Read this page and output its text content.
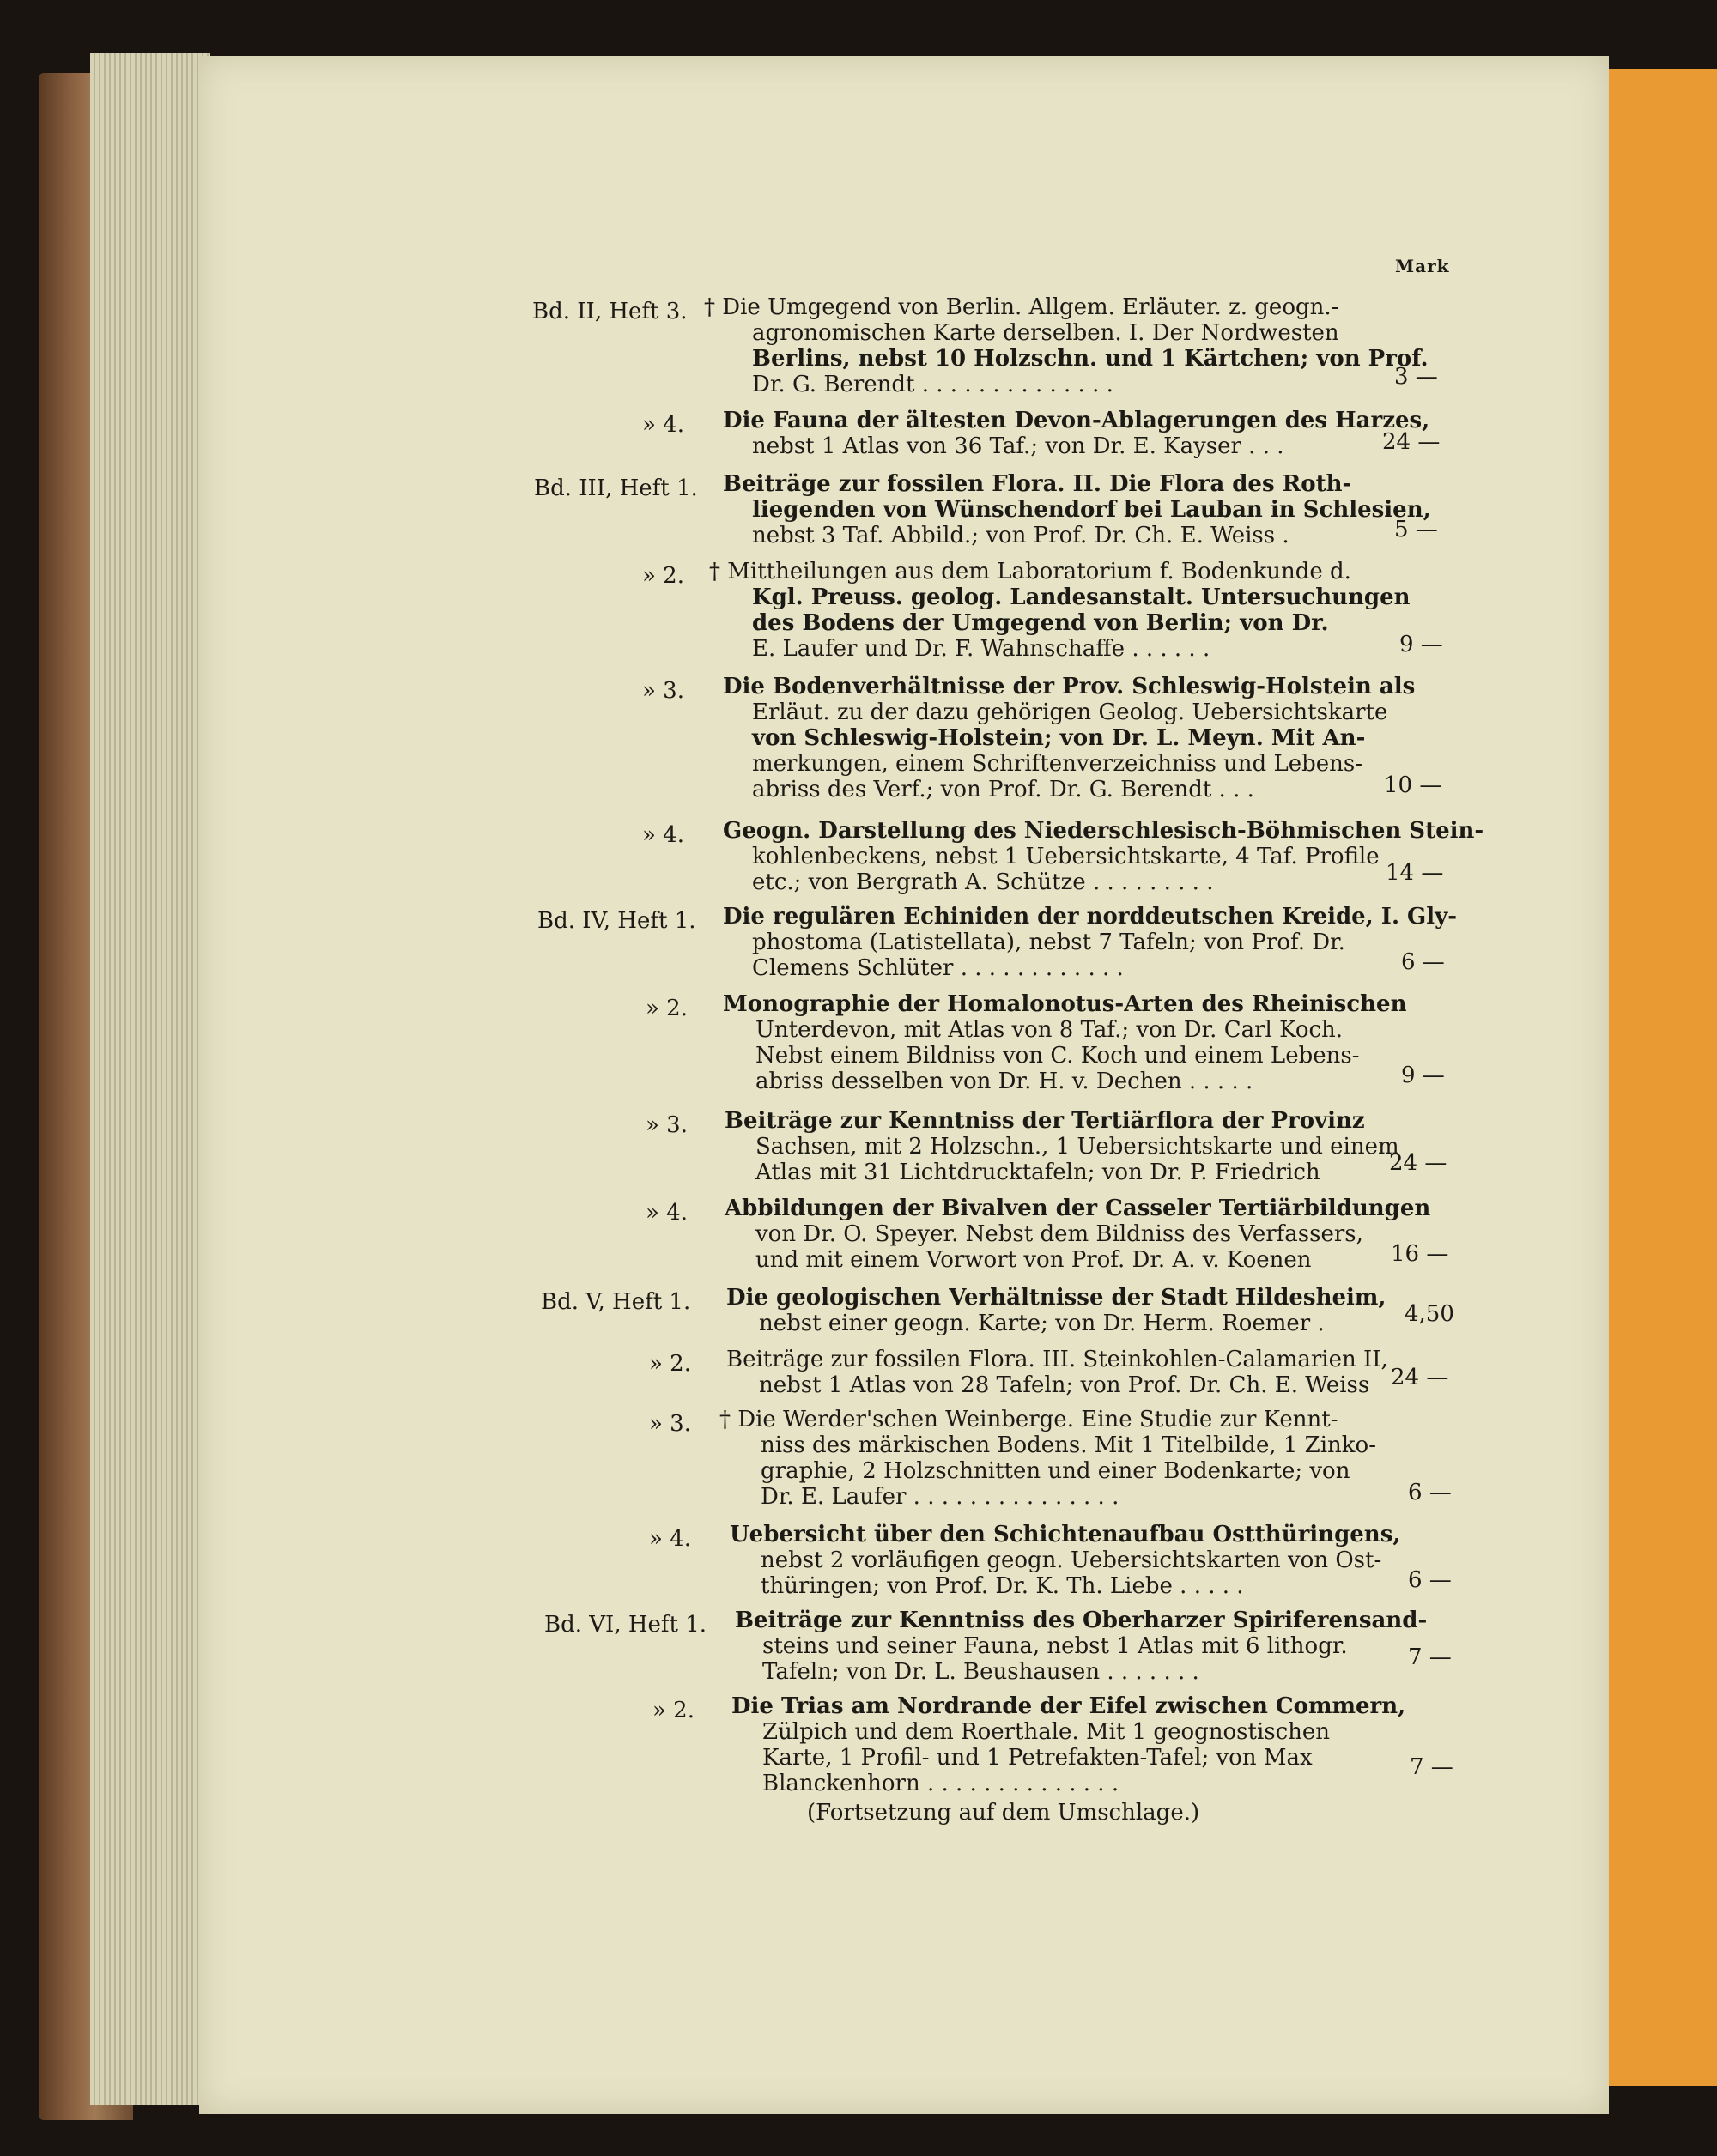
Mark
Bd. II, Heft 3. † Die Umgegend von Berlin. Allgem. Erläuter. z. geogn.-
agronomischen Karte derselben. I. Der Nordwesten
Berlins, nebst 10 Holzschn. und 1 Kärtchen; von Prof.
Dr. G. Berendt . . . . . . . . . . . . . .	3 —
» 4. Die Fauna der ältesten Devon-Ablagerungen des Harzes,
nebst 1 Atlas von 36 Taf.; von Dr. E. Kayser . . .	24 —
Bd. III, Heft 1. Beiträge zur fossilen Flora. II. Die Flora des Roth-
liegenden von Wünschendorf bei Lauban in Schlesien,
nebst 3 Taf. Abbild.; von Prof. Dr. Ch. E. Weiss .	5 —
» 2. † Mittheilungen aus dem Laboratorium f. Bodenkunde d.
Kgl. Preuss. geolog. Landesanstalt. Untersuchungen
des Bodens der Umgegend von Berlin; von Dr.
E. Laufer und Dr. F. Wahnschaffe . . . . . .	9 —
» 3. Die Bodenverhältnisse der Prov. Schleswig-Holstein als
Erläut. zu der dazu gehörigen Geolog. Uebersichtskarte
von Schleswig-Holstein; von Dr. L. Meyn. Mit An-
merkungen, einem Schriftenverzeichniss und Lebens-
abriss des Verf.; von Prof. Dr. G. Berendt . . .	10 —
» 4. Geogn. Darstellung des Niederschlesisch-Böhmischen Stein-
kohlenbeckens, nebst 1 Uebersichtskarte, 4 Taf. Profile
etc.; von Bergrath A. Schütze . . . . . . . . .	14 —
Bd. IV, Heft 1. Die regulären Echiniden der norddeutschen Kreide, I. Gly-
phostoma (Latistellata), nebst 7 Tafeln; von Prof. Dr.
Clemens Schlüter . . . . . . . . . . . .	6 —
» 2. Monographie der Homalonotus-Arten des Rheinischen
Unterdevon, mit Atlas von 8 Taf.; von Dr. Carl Koch.
Nebst einem Bildniss von C. Koch und einem Lebens-
abriss desselben von Dr. H. v. Dechen . . . . .	9 —
» 3. Beiträge zur Kenntniss der Tertiärflora der Provinz
Sachsen, mit 2 Holzschn., 1 Uebersichtskarte und einem
Atlas mit 31 Lichtdrucktafeln; von Dr. P. Friedrich	24 —
» 4. Abbildungen der Bivalven der Casseler Tertiärbildungen
von Dr. O. Speyer. Nebst dem Bildniss des Verfassers,
und mit einem Vorwort von Prof. Dr. A. v. Koenen	16 —
Bd. V, Heft 1. Die geologischen Verhältnisse der Stadt Hildesheim,
nebst einer geogn. Karte; von Dr. Herm. Roemer .	4,50
» 2. Beiträge zur fossilen Flora. III. Steinkohlen-Calamarien II,
nebst 1 Atlas von 28 Tafeln; von Prof. Dr. Ch. E. Weiss 24 —
» 3. † Die Werder'schen Weinberge. Eine Studie zur Kennt-
niss des märkischen Bodens. Mit 1 Titelbilde, 1 Zinko-
graphie, 2 Holzschnitten und einer Bodenkarte; von
Dr. E. Laufer . . . . . . . . . . . . . . .	6 —
» 4. Uebersicht über den Schichtenaufbau Ostthüringens,
nebst 2 vorläufigen geogn. Uebersichtskarten von Ost-
thüringen; von Prof. Dr. K. Th. Liebe . . . . .	6 —
Bd. VI, Heft 1. Beiträge zur Kenntniss des Oberharzer Spiriferensand-
steins und seiner Fauna, nebst 1 Atlas mit 6 lithogr.
Tafeln; von Dr. L. Beushausen . . . . . . .
7 —
» 2. Die Trias am Nordrande der Eifel zwischen Commern,
Zülpich und dem Roerthale. Mit 1 geognostischen
Karte, 1 Profil- und 1 Petrefakten-Tafel; von Max
Blanckenhorn . . . . . . . . . . . . . .
7 —
(Fortsetzung auf dem Umschlage.)
